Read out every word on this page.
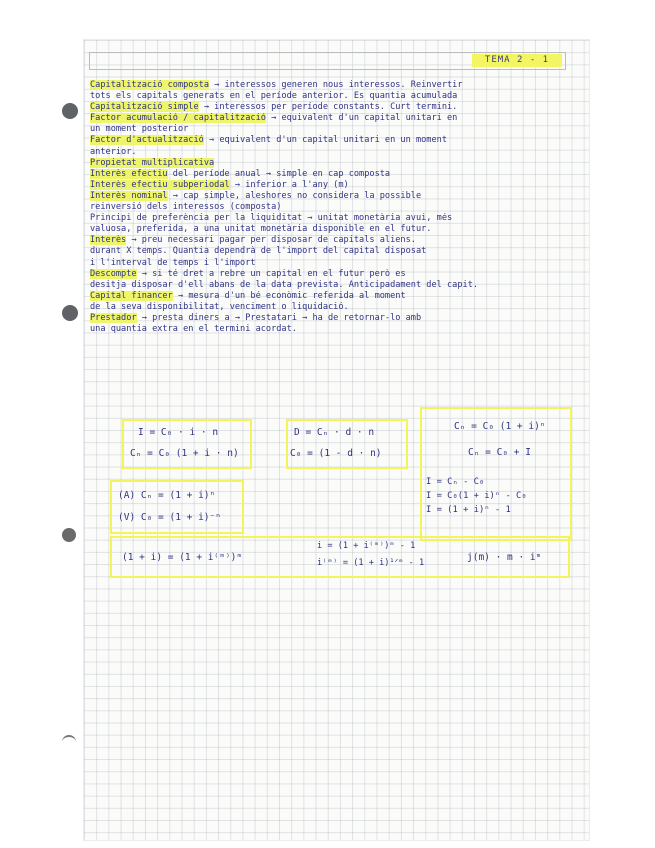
TEMA 2 - 1
Capitalització composta → interessos generen nous interessos. Reinvertir
tots els capitals generats en el període anterior. És quantia acumulada
Capitalització simple → interessos per període constants. Curt termini.
Factor acumulació / capitalització → equivalent d'un capital unitari en
un moment posterior
Factor d'actualització → equivalent d'un capital unitari en un moment
anterior.
Propietat multiplicativa
Interès efectiu del període anual → simple en cap composta
Interès efectiu subperiodal → inferior a l'any (m)
Interès nominal → cap simple, aleshores no considera la possible
reinversió dels interessos (composta)
Principi de preferència per la liquiditat → unitat monetària avui, més
valuosa, preferida, a una unitat monetària disponible en el futur.
Interès → preu necessari pagar per disposar de capitals aliens.
durant X temps. Quantia dependrà de l'import del capital disposat
i l'interval de temps i l'import
Descompte → si té dret a rebre un capital en el futur però es
desitja disposar d'ell abans de la data prevista. Anticipadament del capit.
Capital financer → mesura d'un bé econòmic referida al moment
de la seva disponibilitat, venciment o liquidació.
Prestador → presta diners a → Prestatari → ha de retornar-lo amb
una quantia extra en el termini acordat.
I = C₀ · i · n
Cₙ = C₀ (1 + i · n)
D = Cₙ · d · n
C₀ = (1 - d · n)
Cₙ = C₀ (1 + i)ⁿ
Cₙ = C₀ + I
I = Cₙ - C₀
I = C₀(1 + i)ⁿ - C₀
I = (1 + i)ⁿ - 1
(A) Cₙ = (1 + i)ⁿ
(V) C₀ = (1 + i)⁻ⁿ
(1 + i) = (1 + i⁽ᵐ⁾)ᵐ
i = (1 + i⁽ᵐ⁾)ᵐ - 1
i⁽ᵐ⁾ = (1 + i)¹ᐟᵐ - 1	j(m) · m · iᵐ
